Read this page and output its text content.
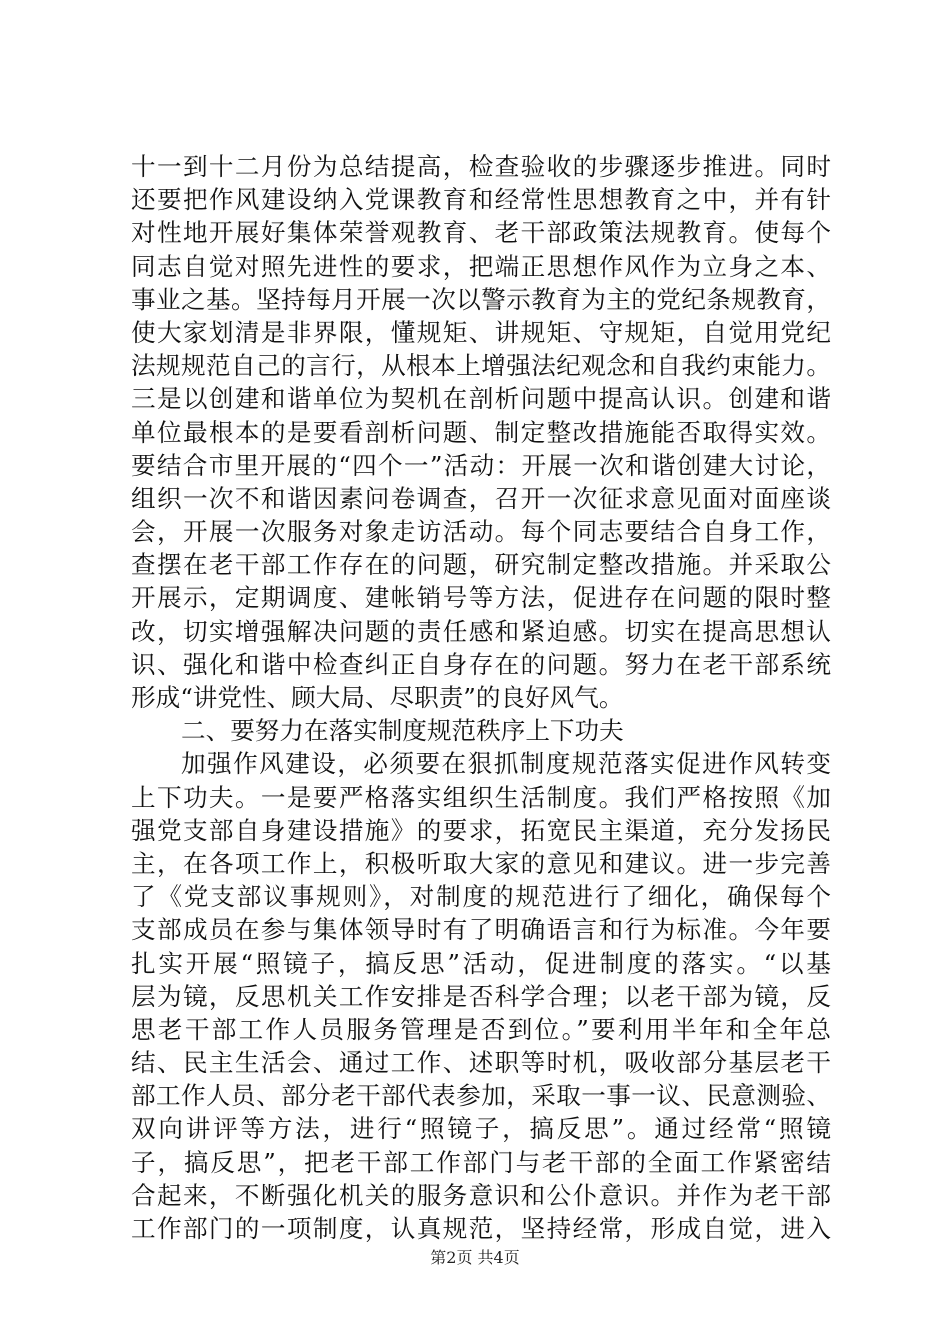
十一到十二月份为总结提高，检查验收的步骤逐步推进。同时
还要把作风建设纳入党课教育和经常性思想教育之中，并有针
对性地开展好集体荣誉观教育、老干部政策法规教育。使每个
同志自觉对照先进性的要求，把端正思想作风作为立身之本、
事业之基。坚持每月开展一次以警示教育为主的党纪条规教育，
使大家划清是非界限，懂规矩、讲规矩、守规矩，自觉用党纪
法规规范自己的言行，从根本上增强法纪观念和自我约束能力。
三是以创建和谐单位为契机在剖析问题中提高认识。创建和谐
单位最根本的是要看剖析问题、制定整改措施能否取得实效。
要结合市里开展的“四个一”活动：开展一次和谐创建大讨论，
组织一次不和谐因素问卷调查，召开一次征求意见面对面座谈
会，开展一次服务对象走访活动。每个同志要结合自身工作，
查摆在老干部工作存在的问题，研究制定整改措施。并采取公
开展示，定期调度、建帐销号等方法，促进存在问题的限时整
改，切实增强解决问题的责任感和紧迫感。切实在提高思想认
识、强化和谐中检查纠正自身存在的问题。努力在老干部系统
形成“讲党性、顾大局、尽职责”的良好风气。
二、要努力在落实制度规范秩序上下功夫
加强作风建设，必须要在狠抓制度规范落实促进作风转变
上下功夫。一是要严格落实组织生活制度。我们严格按照《加
强党支部自身建设措施》的要求，拓宽民主渠道，充分发扬民
主，在各项工作上，积极听取大家的意见和建议。进一步完善
了《党支部议事规则》，对制度的规范进行了细化，确保每个
支部成员在参与集体领导时有了明确语言和行为标准。今年要
扎实开展“照镜子，搞反思”活动，促进制度的落实。“以基
层为镜，反思机关工作安排是否科学合理；以老干部为镜，反
思老干部工作人员服务管理是否到位。”要利用半年和全年总
结、民主生活会、通过工作、述职等时机，吸收部分基层老干
部工作人员、部分老干部代表参加，采取一事一议、民意测验、
双向讲评等方法，进行“照镜子，搞反思”。通过经常“照镜
子，搞反思”，把老干部工作部门与老干部的全面工作紧密结
合起来，不断强化机关的服务意识和公仆意识。并作为老干部
工作部门的一项制度，认真规范，坚持经常，形成自觉，进入
第2页 共4页
